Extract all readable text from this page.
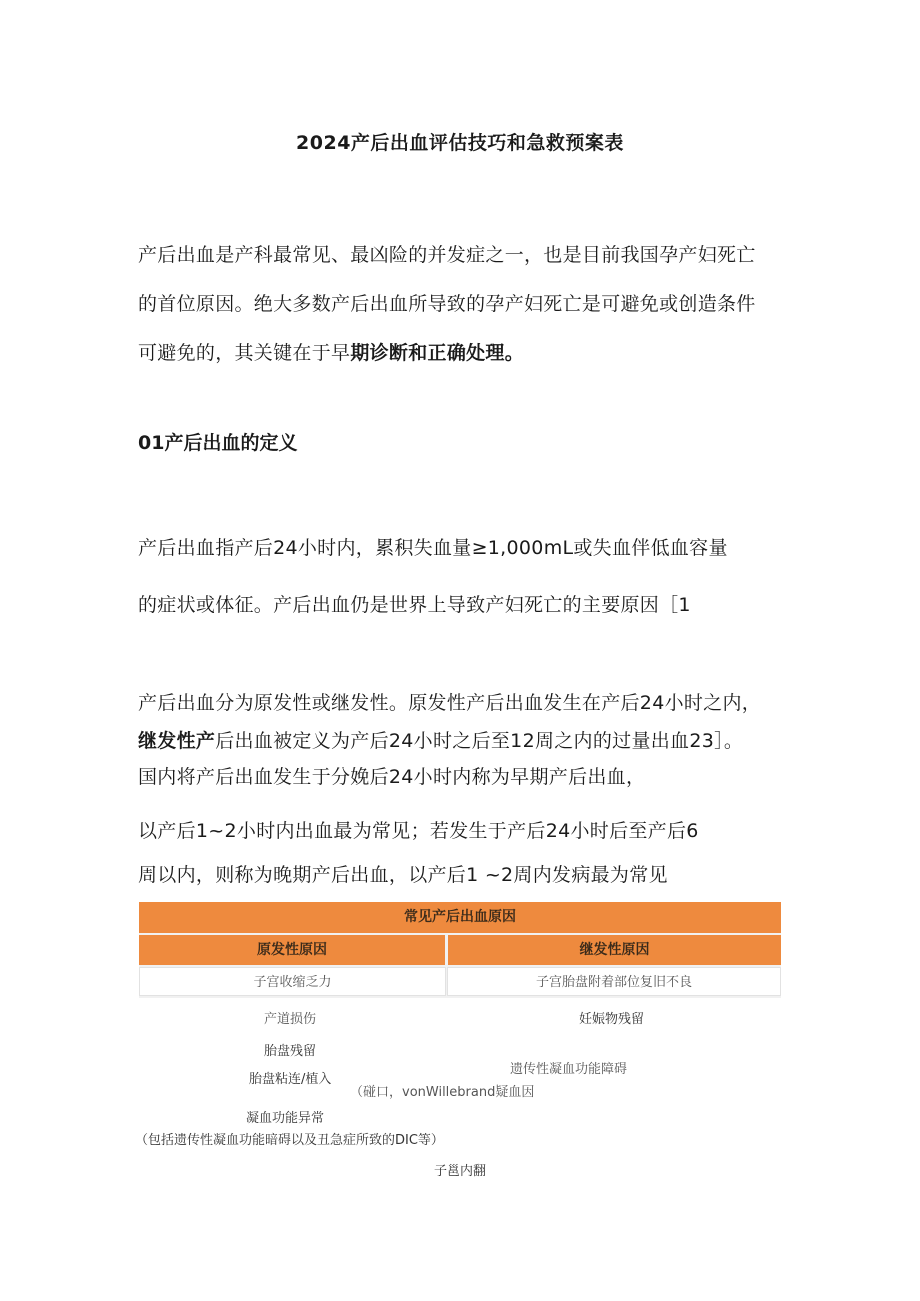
2024产后出血评估技巧和急救预案表
产后出血是产科最常见、最凶险的并发症之一，也是目前我国孕产妇死亡
的首位原因。绝大多数产后出血所导致的孕产妇死亡是可避免或创造条件
可避免的，其关键在于早期诊断和正确处理。
01产后出血的定义
产后出血指产后24小时内，累积失血量≥1,000mL或失血伴低血容量
的症状或体征。产后出血仍是世界上导致产妇死亡的主要原因［1
产后出血分为原发性或继发性。原发性产后出血发生在产后24小时之内，
继发性产后出血被定义为产后24小时之后至12周之内的过量出血23］。
国内将产后出血发生于分娩后24小时内称为早期产后出血，
以产后1~2小时内出血最为常见；若发生于产后24小时后至产后6
周以内，则称为晚期产后出血，以产后1 ~2周内发病最为常见
常见产后出血原因
原发性原因	继发性原因
子宫收缩乏力	子宫胎盘附着部位复旧不良
产道损伤
胎盘残留
胎盘粘连/植入
凝血功能异常
（包括遗传性凝血功能暗碍以及丑急症所致的DIC等）
子邕内翻
妊娠物残留
遗传性凝血功能障碍
（碰口，vonWillebrand疑血因
